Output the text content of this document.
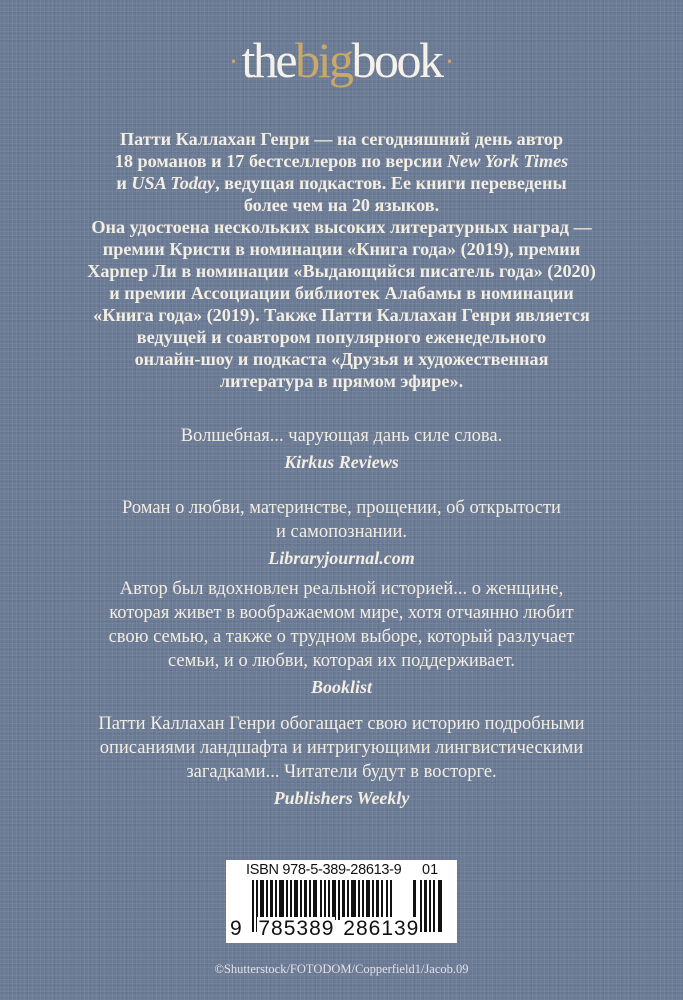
·thebigbook ·
Патти Каллахан Генри — на сегодняшний день автор
18 романов и 17 бестселлеров по версии New York Times
и USA Today, ведущая подкастов. Ее книги переведены
более чем на 20 языков.
Она удостоена нескольких высоких литературных наград —
премии Кристи в номинации «Книга года» (2019), премии
Харпер Ли в номинации «Выдающийся писатель года» (2020)
и премии Ассоциации библиотек Алабамы в номинации
«Книга года» (2019). Также Патти Каллахан Генри является
ведущей и соавтором популярного еженедельного
онлайн-шоу и подкаста «Друзья и художественная
литература в прямом эфире».
Волшебная... чарующая дань силе слова.
Kirkus Reviews
Роман о любви, материнстве, прощении, об открытости
и самопознании.
Libraryjournal.com
Автор был вдохновлен реальной историей... о женщине,
которая живет в воображаемом мире, хотя отчаянно любит
свою семью, а также о трудном выборе, который разлучает
семьи, и о любви, которая их поддерживает.
Booklist
Патти Каллахан Генри обогащает свою историю подробными
описаниями ландшафта и интригующими лингвистическими
загадками... Читатели будут в восторге.
Publishers Weekly
ISBN 978-5-389-28613-9 01
9 785389 286139
©Shutterstock/FOTODOM/Copperfield1/Jacob.09
